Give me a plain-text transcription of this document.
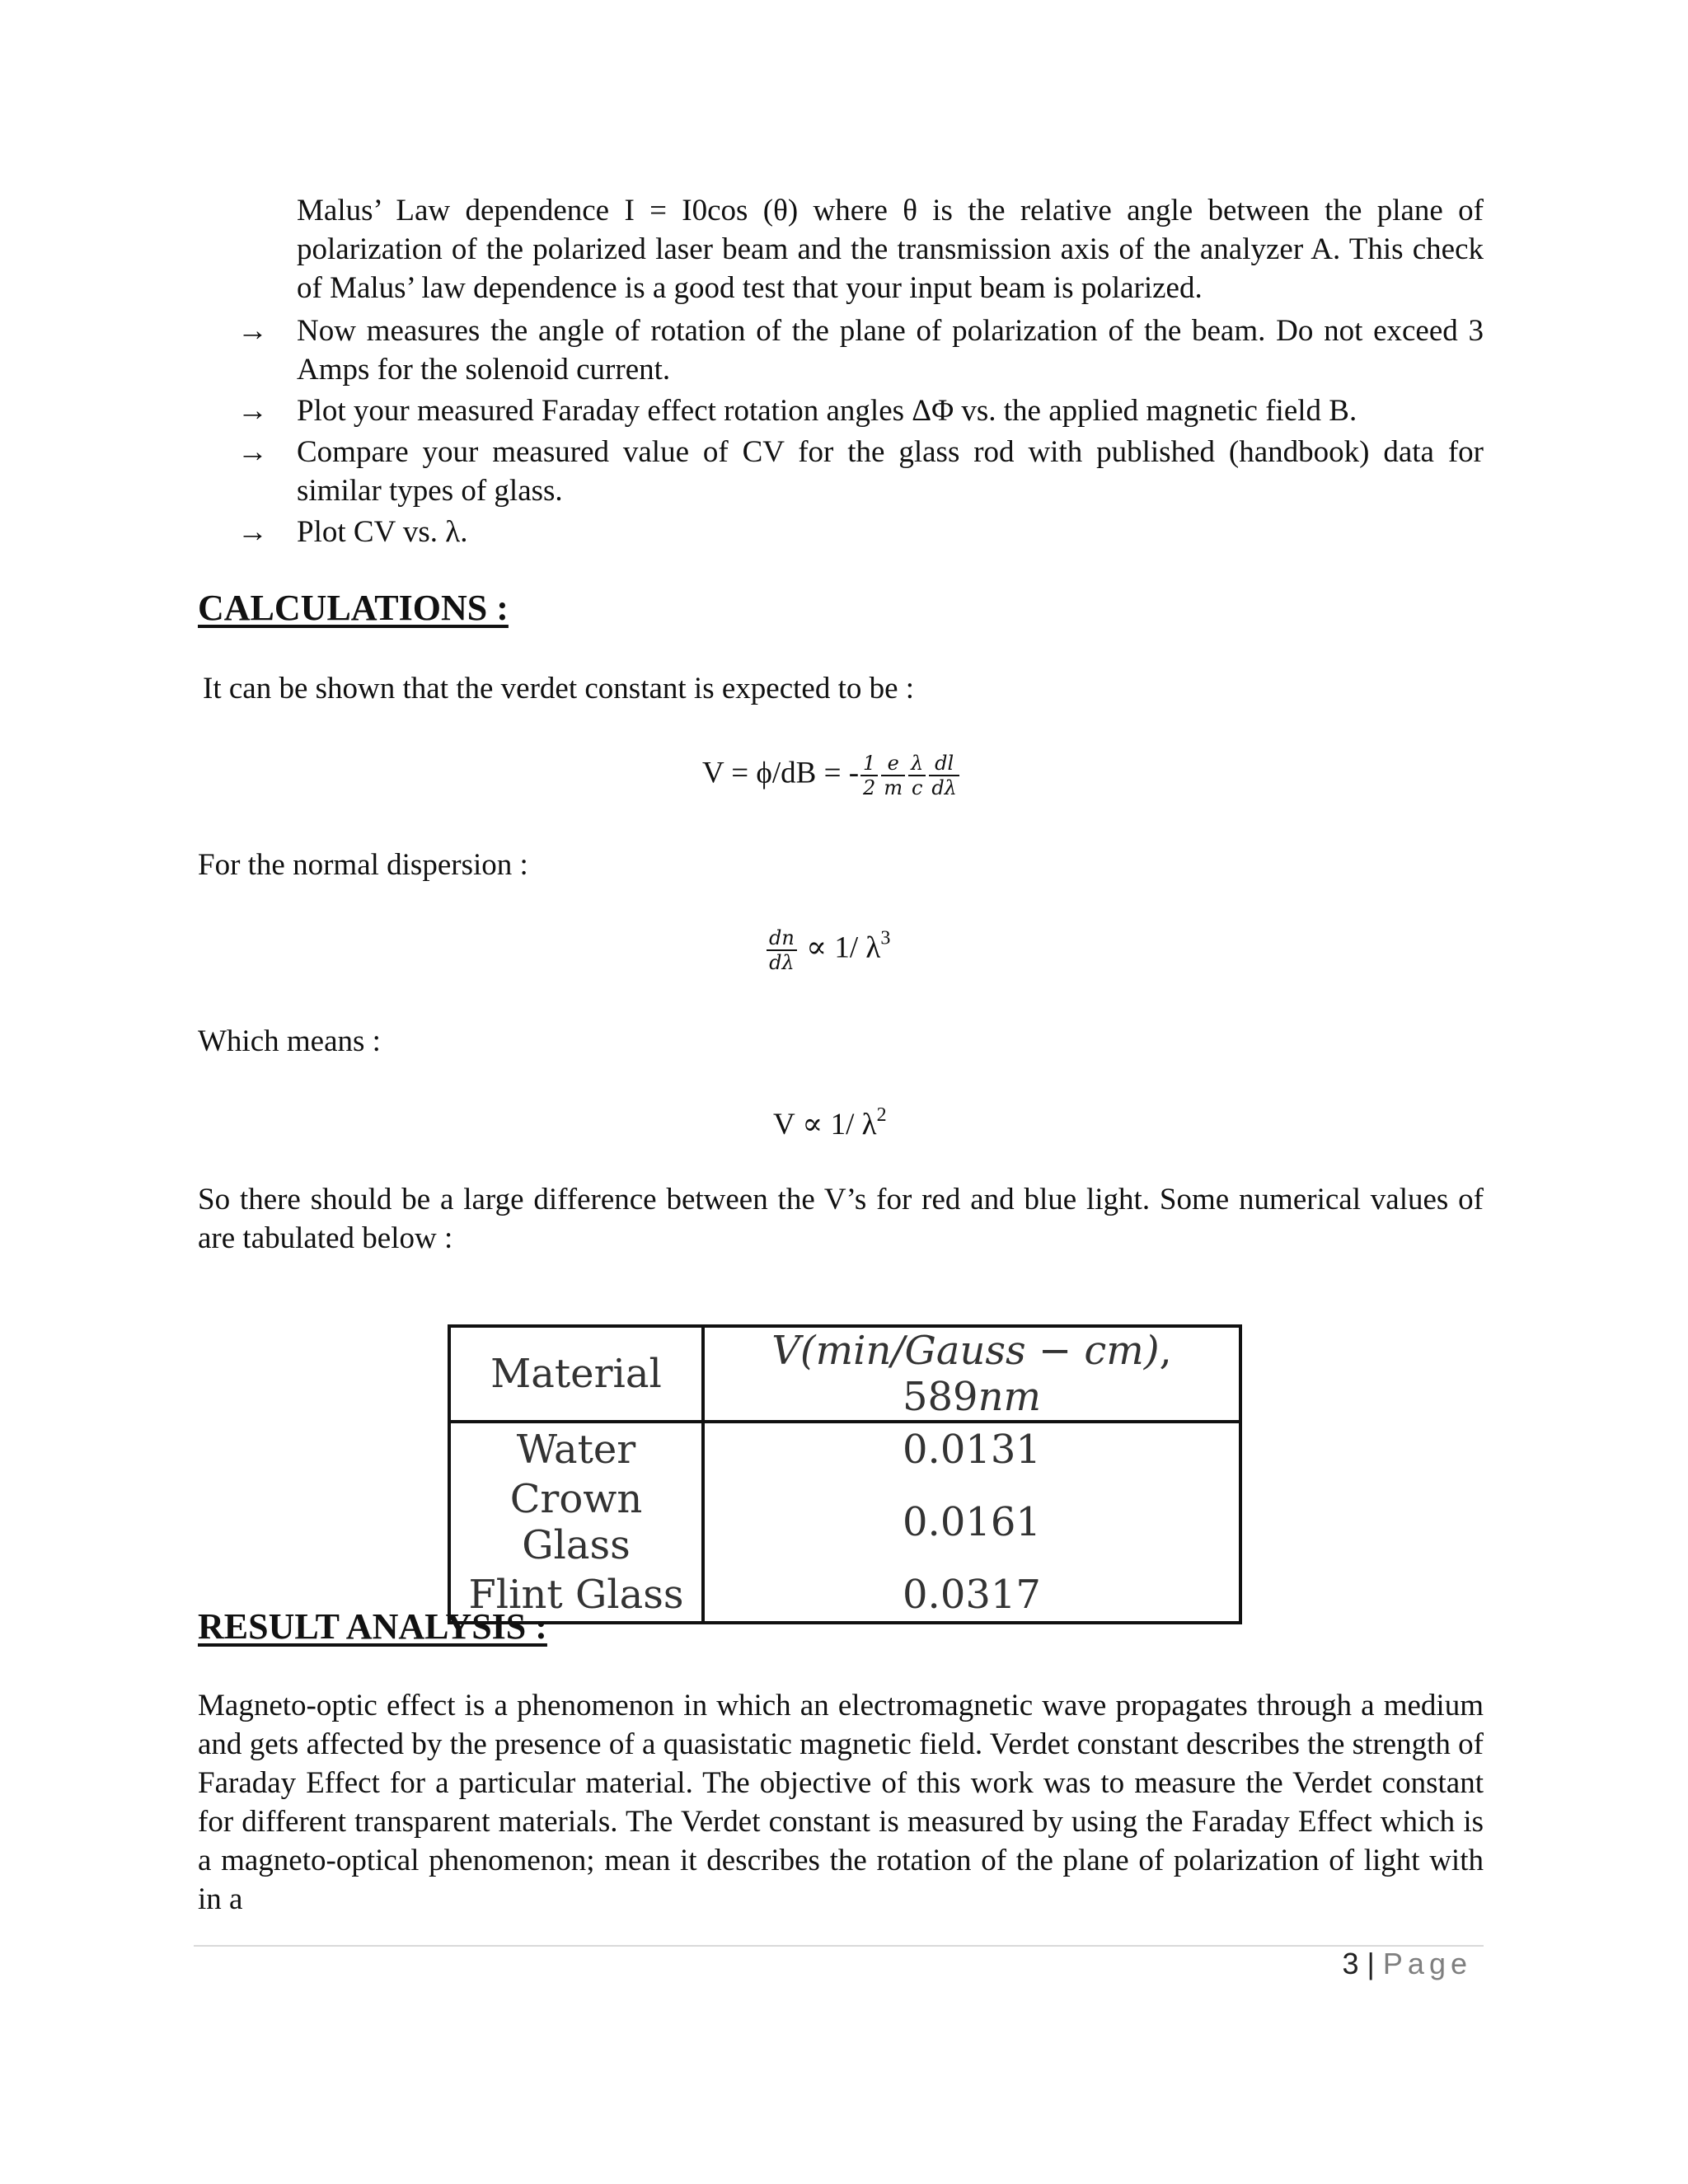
Malus’ Law dependence I = I0cos (θ) where θ is the relative angle between the plane of polarization of the polarized laser beam and the transmission axis of the analyzer A. This check of Malus’ law dependence is a good test that your input beam is polarized.
→ Now measures the angle of rotation of the plane of polarization of the beam. Do not exceed 3 Amps for the solenoid current.
→ Plot your measured Faraday effect rotation angles ΔΦ vs. the applied magnetic field B.
→ Compare your measured value of CV for the glass rod with published (handbook) data for similar types of glass.
→ Plot CV vs. λ.
CALCULATIONS :
It can be shown that the verdet constant is expected to be :
V = ϕ/dB = - $\frac{1}{2} \frac{e}{m} \frac{\lambda}{c} \frac{dl}{d\lambda}$
For the normal dispersion :
$\frac{dn}{d\lambda} \propto 1/$ $\lambda^3$
Which means :
V ∝ 1/ $\lambda^2$
So there should be a large difference between the V’s for red and blue light. Some numerical values of are tabulated below :
Material	V(min/Gauss − cm), 589nm
Water	0.0131
Crown Glass	0.0161
Flint Glass	0.0317
RESULT ANALYSIS :
Magneto-optic effect is a phenomenon in which an electromagnetic wave propagates through a medium and gets affected by the presence of a quasistatic magnetic field. Verdet constant describes the strength of Faraday Effect for a particular material. The objective of this work was to measure the Verdet constant for different transparent materials. The Verdet constant is measured by using the Faraday Effect which is a magneto-optical phenomenon; mean it describes the rotation of the plane of polarization of light with in a
3 | Page
